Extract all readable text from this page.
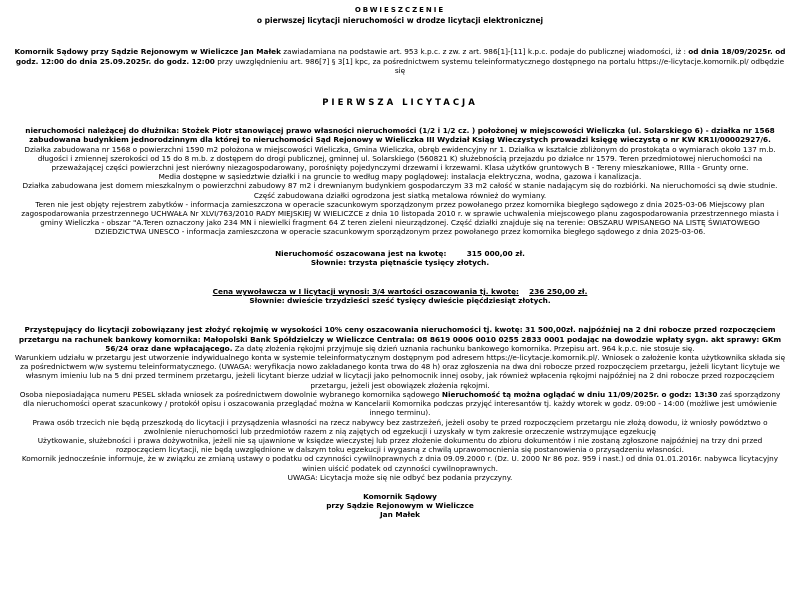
OBWIESZCZENIE

o pierwszej licytacji nieruchomości w drodze licytacji elektronicznej

Komornik Sądowy przy Sądzie Rejonowym w Wieliczce Jan Małek zawiadamiana na podstawie art. 953 k.p.c. z zw. z art. 986[1]-[11] k.p.c. podaje do publicznej wiadomości, iż : od dnia 18/09/2025r. od godz. 12:00 do dnia 25.09.2025r. do godz. 12:00 przy uwzględnieniu art. 986[7] § 3[1] kpc, za pośrednictwem systemu teleinformatycznego dostępnego na portalu https://e-licytacje.komornik.pl/ odbędzie się

PIERWSZA LICYTACJA

nieruchomości należącej do dłużnika: Stożek Piotr stanowiącej prawo własności nieruchomości (1/2 i 1/2 cz. ) położonej w miejscowości Wieliczka (ul. Solarskiego 6) - działka nr 1568 zabudowana budynkiem jednorodzinnym dla której to nieruchomości Sąd Rejonowy w Wieliczka III Wydział Ksiąg Wieczystych prowadzi księgę wieczystą o nr KW KR1I/00002927/6.

Działka zabudowana nr 1568 o powierzchni 1590 m2 położona w miejscowości Wieliczka, Gmina Wieliczka, obręb ewidencyjny nr 1. Działka w kształcie zbliżonym do prostokąta o wymiarach około 137 m.b. długości i zmiennej szerokości od 15 do 8 m.b. z dostępem do drogi publicznej, gminnej ul. Solarskiego (560821 K) służebnością przejazdu po działce nr 1579. Teren przedmiotowej nieruchomości na przeważającej części powierzchni jest nierówny niezagospodarowany, porośnięty pojedynczymi drzewami i krzewami. Klasa użytków gruntowych B - Tereny mieszkaniowe, RIIIa - Grunty orne.

Media dostępne w sąsiedztwie działki i na gruncie to według mapy poglądowej: instalacja elektryczna, wodna, gazowa i kanalizacja.

Działka zabudowana jest domem mieszkalnym o powierzchni zabudowy 87 m2 i drewnianym budynkiem gospodarczym 33 m2 całość w stanie nadającym się do rozbiórki. Na nieruchomości są dwie studnie. Część zabudowana działki ogrodzona jest siatką metalowa również do wymiany.

Teren nie jest objęty rejestrem zabytków - informacja zamieszczona w operacie szacunkowym sporządzonym przez powołanego przez komornika biegłego sądowego z dnia 2025-03-06 Miejscowy plan zagospodarowania przestrzennego UCHWAŁA Nr XLVI/763/2010 RADY MIEJSKIEJ W WIELICZCE z dnia 10 listopada 2010 r. w sprawie uchwalenia miejscowego planu zagospodarowania przestrzennego miasta i gminy Wieliczka - obszar "A.Teren oznaczony jako 234 MN i niewielki fragment 64 Z teren zieleni nieurządzonej. Część działki znajduje się na terenie: OBSZARU WPISANEGO NA LISTĘ ŚWIATOWEGO DZIEDZICTWA UNESCO - informacja zamieszczona w operacie szacunkowym sporządzonym przez powołanego przez komornika biegłego sądowego z dnia 2025-03-06.

Nieruchomość oszacowana jest na kwotę:	315 000,00 zł.

Słownie: trzysta piętnaście tysięcy złotych.

Cena wywoławcza w I licytacji wynosi: 3/4 wartości oszacowania tj. kwotę: 236 250,00 zł.

Słownie: dwieście trzydzieści sześć tysięcy dwieście pięćdziesiąt złotych.

Przystępujący do licytacji zobowiązany jest złożyć rękojmię w wysokości 10% ceny oszacowania nieruchomości tj. kwotę: 31 500,00zł. najpóźniej na 2 dni robocze przed rozpoczęciem przetargu na rachunek bankowy komornika: Małopolski Bank Spółdzielczy w Wieliczce Centrala: 08 8619 0006 0010 0255 2833 0001 podając na dowodzie wpłaty sygn. akt sprawy: GKm 56/24 oraz dane wpłacającego. Za datę złożenia rękojmi przyjmuje się dzień uznania rachunku bankowego komornika. Przepisu art. 964 k.p.c. nie stosuje się.

Warunkiem udziału w przetargu jest utworzenie indywidualnego konta w systemie teleinformatycznym dostępnym pod adresem https://e-licytacje.komornik.pl/. Wniosek o założenie konta użytkownika składa się za pośrednictwem w/w systemu teleinformatycznego. (UWAGA: weryfikacja nowo zakładanego konta trwa do 48 h) oraz zgłoszenia na dwa dni robocze przed rozpoczęciem przetargu, jeżeli licytant licytuje we własnym imieniu lub na 5 dni przed terminem przetargu, jeżeli licytant bierze udział w licytacji jako pełnomocnik innej osoby, jak również wpłacenia rękojmi najpóźniej na 2 dni robocze przed rozpoczęciem przetargu, jeżeli jest obowiązek złożenia rękojmi.

Osoba nieposiadająca numeru PESEL składa wniosek za pośrednictwem dowolnie wybranego komornika sądowego Nieruchomość tą można oglądać w dniu 11/09/2025r. o godz: 13:30 zaś sporządzony dla nieruchomości operat szacunkowy / protokół opisu i oszacowania przeglądać można w Kancelarii Komornika podczas przyjęć interesantów tj. każdy wtorek w godz. 09:00 - 14:00 (możliwe jest umówienie innego terminu).

Prawa osób trzecich nie będą przeszkodą do licytacji i przysądzenia własności na rzecz nabywcy bez zastrzeżeń, jeżeli osoby te przed rozpoczęciem przetargu nie złożą dowodu, iż wniosły powództwo o zwolnienie nieruchomości lub przedmiotów razem z nią zajętych od egzekucji i uzyskały w tym zakresie orzeczenie wstrzymujące egzekucję

Użytkowanie, służebności i prawa dożywotnika, jeżeli nie są ujawnione w księdze wieczystej lub przez złożenie dokumentu do zbioru dokumentów i nie zostaną zgłoszone najpóźniej na trzy dni przed rozpoczęciem licytacji, nie będą uwzględnione w dalszym toku egzekucji i wygasną z chwilą uprawomocnienia się postanowienia o przysądzeniu własności.

Komornik jednocześnie informuje, że w związku ze zmianą ustawy o podatku od czynności cywilnoprawnych z dnia 09.09.2000 r. (Dz. U. 2000 Nr 86 poz. 959 i nast.) od dnia 01.01.2016r. nabywca licytacyjny winien uiścić podatek od czynności cywilnoprawnych.

UWAGA: Licytacja może się nie odbyć bez podania przyczyny.

Komornik Sądowy

przy Sądzie Rejonowym w Wieliczce

Jan Małek
